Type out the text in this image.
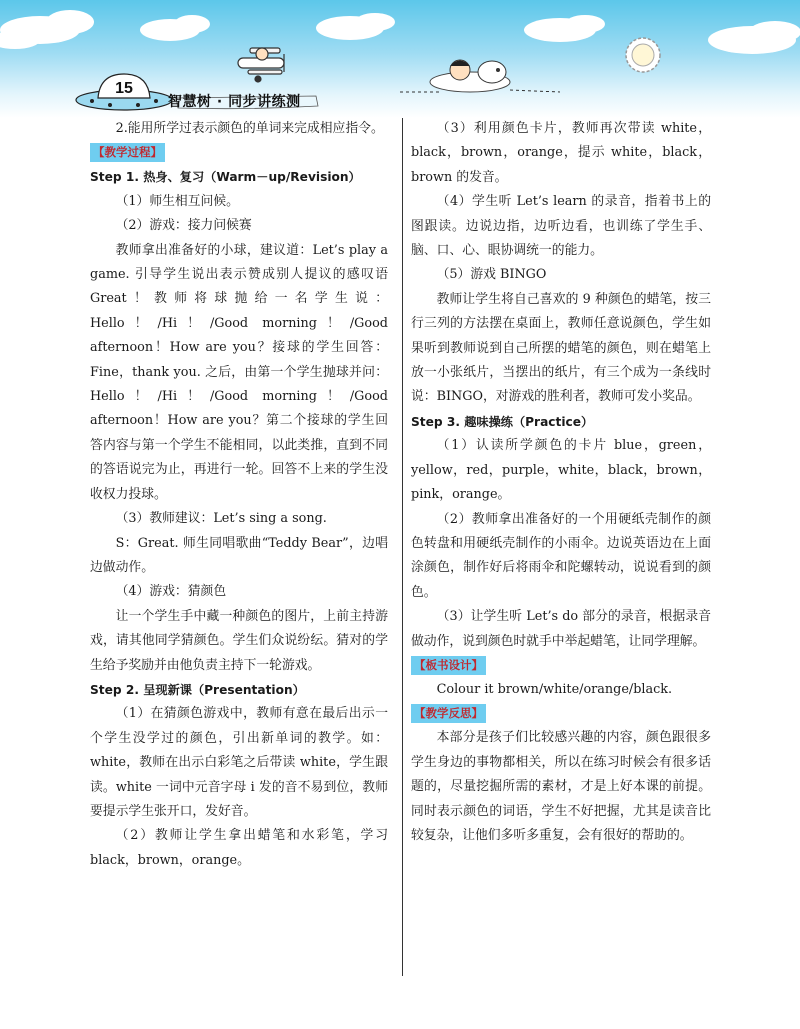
15
智慧树 · 同步讲练测

2.能用所学过表示颜色的单词来完成相应指令。

【教学过程】

Step 1. 热身、复习（Warm－up/Revision）

（1）师生相互问候。

（2）游戏：接力问候赛

教师拿出准备好的小球，建议道：Let’s play a game. 引导学生说出表示赞成别人提议的感叹语 Great！教师将球抛给一名学生说：Hello！/Hi！/Good morning！/Good afternoon！How are you？接球的学生回答：Fine，thank you. 之后，由第一个学生抛球并问：Hello！/Hi！/Good morning！/Good afternoon！How are you？第二个接球的学生回答内容与第一个学生不能相同，以此类推，直到不同的答语说完为止，再进行一轮。回答不上来的学生没收权力投球。

（3）教师建议：Let’s sing a song.

S：Great. 师生同唱歌曲“Teddy Bear”，边唱边做动作。

（4）游戏：猜颜色

让一个学生手中藏一种颜色的图片，上前主持游戏，请其他同学猜颜色。学生们众说纷纭。猜对的学生给予奖励并由他负责主持下一轮游戏。

Step 2. 呈现新课（Presentation）

（1）在猜颜色游戏中，教师有意在最后出示一个学生没学过的颜色，引出新单词的教学。如：white，教师在出示白彩笔之后带读 white，学生跟读。white 一词中元音字母 i 发的音不易到位，教师要提示学生张开口，发好音。

（2）教师让学生拿出蜡笔和水彩笔，学习 black，brown，orange。

（3）利用颜色卡片，教师再次带读 white，black，brown，orange，提示 white，black，brown 的发音。

（4）学生听 Let’s learn 的录音，指着书上的图跟读。边说边指，边听边看，也训练了学生手、脑、口、心、眼协调统一的能力。

（5）游戏 BINGO

教师让学生将自己喜欢的 9 种颜色的蜡笔，按三行三列的方法摆在桌面上，教师任意说颜色，学生如果听到教师说到自己所摆的蜡笔的颜色，则在蜡笔上放一小张纸片，当摆出的纸片，有三个成为一条线时说：BINGO，对游戏的胜利者，教师可发小奖品。

Step 3. 趣味操练（Practice）

（1）认读所学颜色的卡片 blue，green，yellow，red，purple，white，black，brown，pink，orange。

（2）教师拿出准备好的一个用硬纸壳制作的颜色转盘和用硬纸壳制作的小雨伞。边说英语边在上面涂颜色，制作好后将雨伞和陀螺转动，说说看到的颜色。

（3）让学生听 Let’s do 部分的录音，根据录音做动作，说到颜色时就手中举起蜡笔，让同学理解。

【板书设计】

Colour it brown/white/orange/black.

【教学反思】

本部分是孩子们比较感兴趣的内容，颜色跟很多学生身边的事物都相关，所以在练习时候会有很多话题的，尽量挖掘所需的素材，才是上好本课的前提。同时表示颜色的词语，学生不好把握，尤其是读音比较复杂，让他们多听多重复，会有很好的帮助的。
